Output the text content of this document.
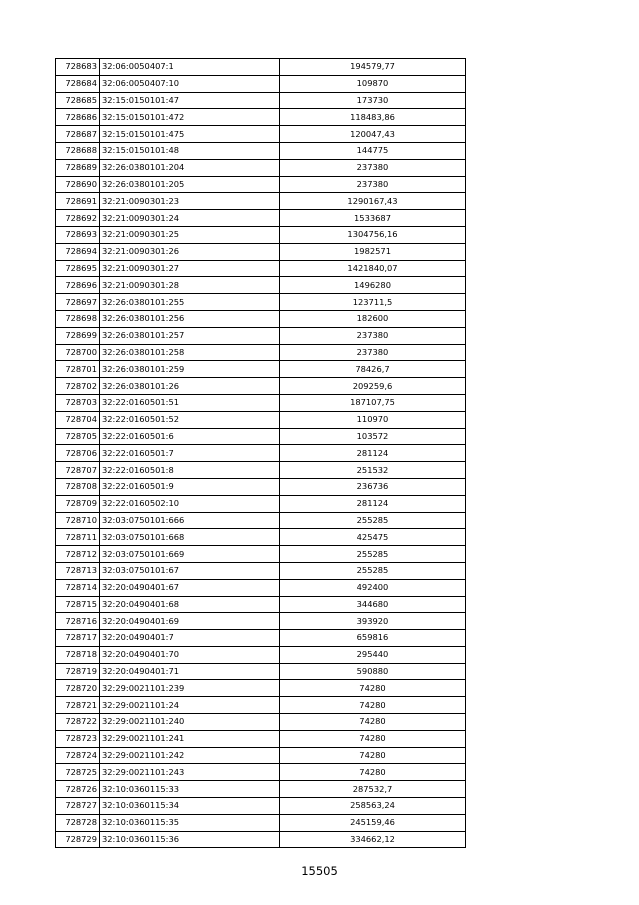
728683	32:06:0050407:1	194579,77
728684	32:06:0050407:10	109870
728685	32:15:0150101:47	173730
728686	32:15:0150101:472	118483,86
728687	32:15:0150101:475	120047,43
728688	32:15:0150101:48	144775
728689	32:26:0380101:204	237380
728690	32:26:0380101:205	237380
728691	32:21:0090301:23	1290167,43
728692	32:21:0090301:24	1533687
728693	32:21:0090301:25	1304756,16
728694	32:21:0090301:26	1982571
728695	32:21:0090301:27	1421840,07
728696	32:21:0090301:28	1496280
728697	32:26:0380101:255	123711,5
728698	32:26:0380101:256	182600
728699	32:26:0380101:257	237380
728700	32:26:0380101:258	237380
728701	32:26:0380101:259	78426,7
728702	32:26:0380101:26	209259,6
728703	32:22:0160501:51	187107,75
728704	32:22:0160501:52	110970
728705	32:22:0160501:6	103572
728706	32:22:0160501:7	281124
728707	32:22:0160501:8	251532
728708	32:22:0160501:9	236736
728709	32:22:0160502:10	281124
728710	32:03:0750101:666	255285
728711	32:03:0750101:668	425475
728712	32:03:0750101:669	255285
728713	32:03:0750101:67	255285
728714	32:20:0490401:67	492400
728715	32:20:0490401:68	344680
728716	32:20:0490401:69	393920
728717	32:20:0490401:7	659816
728718	32:20:0490401:70	295440
728719	32:20:0490401:71	590880
728720	32:29:0021101:239	74280
728721	32:29:0021101:24	74280
728722	32:29:0021101:240	74280
728723	32:29:0021101:241	74280
728724	32:29:0021101:242	74280
728725	32:29:0021101:243	74280
728726	32:10:0360115:33	287532,7
728727	32:10:0360115:34	258563,24
728728	32:10:0360115:35	245159,46
728729	32:10:0360115:36	334662,12
15505
